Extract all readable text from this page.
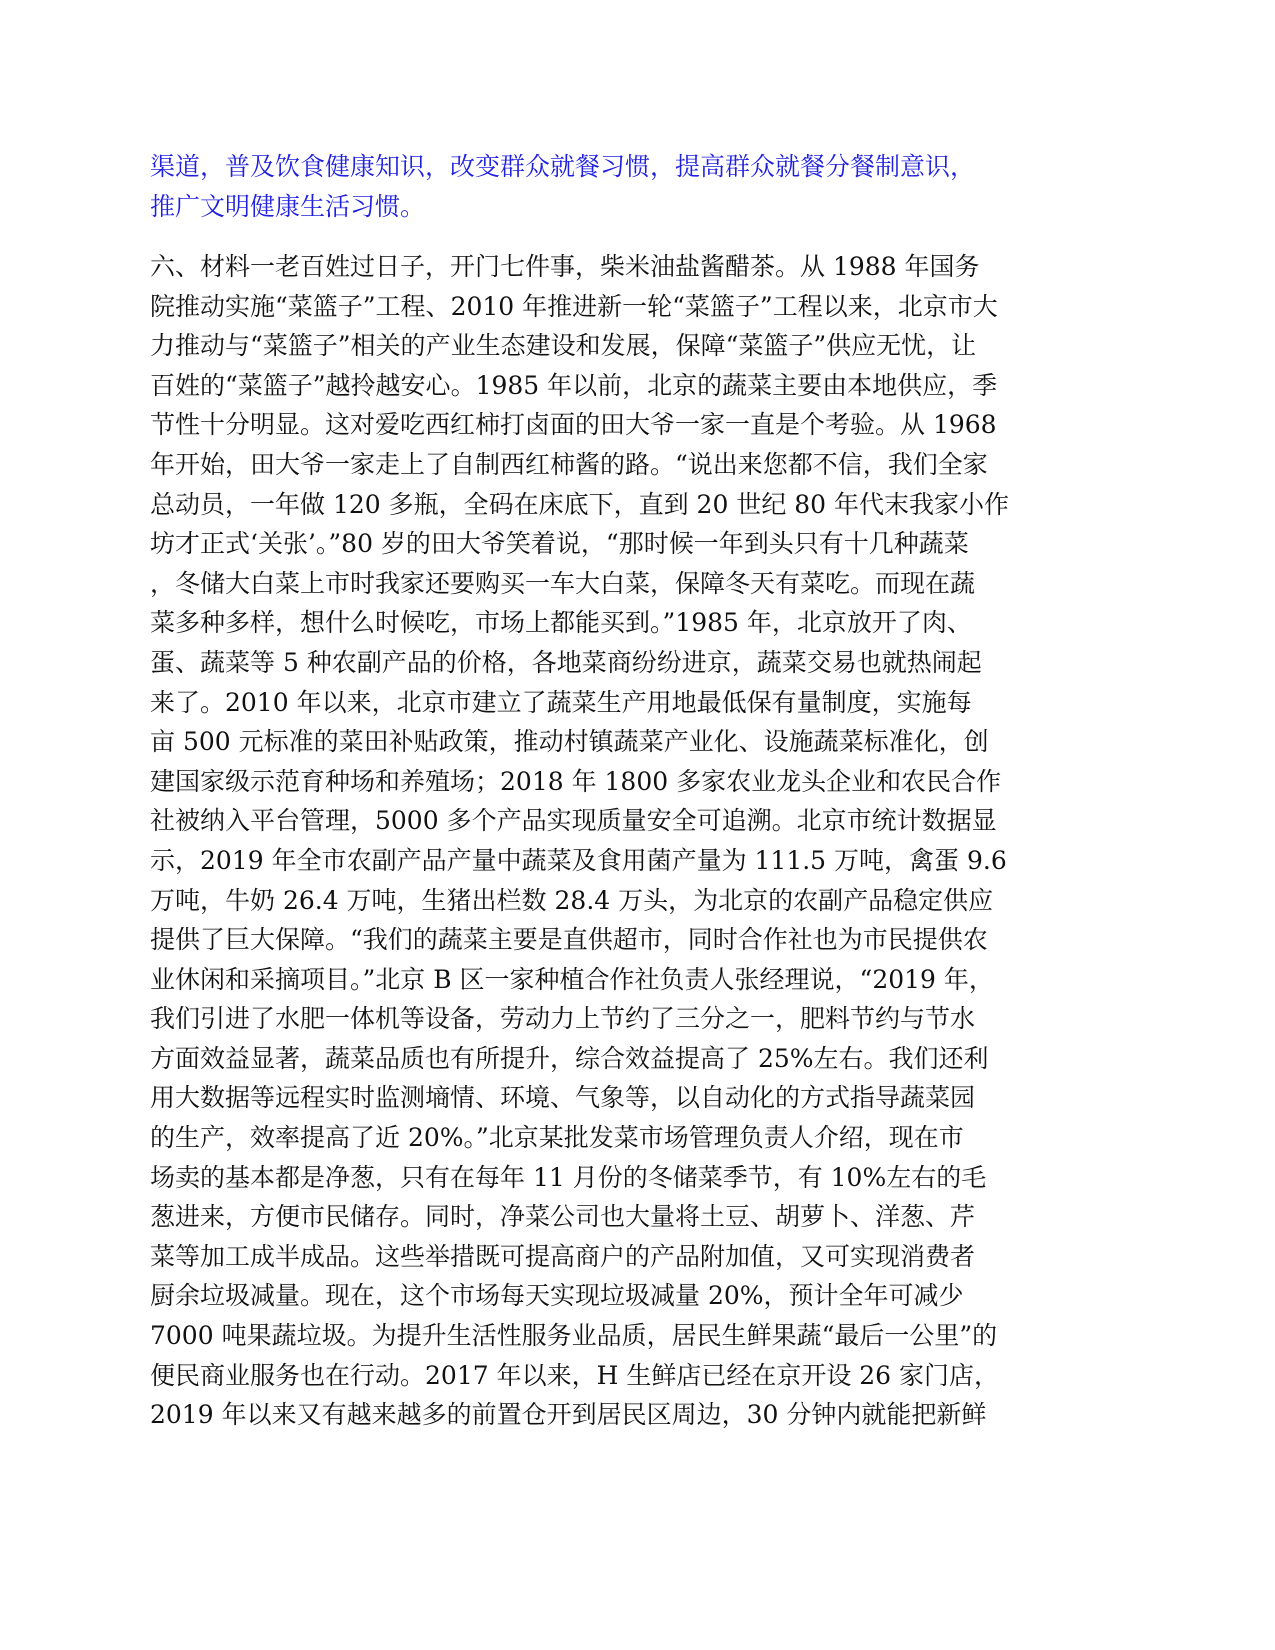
渠道，普及饮食健康知识，改变群众就餐习惯，提高群众就餐分餐制意识，
推广文明健康生活习惯。
六、材料一老百姓过日子，开门七件事，柴米油盐酱醋茶。从 1988 年国务
院推动实施“菜篮子”工程、2010 年推进新一轮“菜篮子”工程以来，北京市大
力推动与“菜篮子”相关的产业生态建设和发展，保障“菜篮子”供应无忧，让
百姓的“菜篮子”越拎越安心。1985 年以前，北京的蔬菜主要由本地供应，季
节性十分明显。这对爱吃西红柿打卤面的田大爷一家一直是个考验。从 1968
年开始，田大爷一家走上了自制西红柿酱的路。“说出来您都不信，我们全家
总动员，一年做 120 多瓶，全码在床底下，直到 20 世纪 80 年代末我家小作
坊才正式‘关张’。”80 岁的田大爷笑着说，“那时候一年到头只有十几种蔬菜
，冬储大白菜上市时我家还要购买一车大白菜，保障冬天有菜吃。而现在蔬
菜多种多样，想什么时候吃，市场上都能买到。”1985 年，北京放开了肉、
蛋、蔬菜等 5 种农副产品的价格，各地菜商纷纷进京，蔬菜交易也就热闹起
来了。2010 年以来，北京市建立了蔬菜生产用地最低保有量制度，实施每
亩 500 元标准的菜田补贴政策，推动村镇蔬菜产业化、设施蔬菜标准化，创
建国家级示范育种场和养殖场；2018 年 1800 多家农业龙头企业和农民合作
社被纳入平台管理，5000 多个产品实现质量安全可追溯。北京市统计数据显
示，2019 年全市农副产品产量中蔬菜及食用菌产量为 111.5 万吨，禽蛋 9.6
万吨，牛奶 26.4 万吨，生猪出栏数 28.4 万头，为北京的农副产品稳定供应
提供了巨大保障。“我们的蔬菜主要是直供超市，同时合作社也为市民提供农
业休闲和采摘项目。”北京 B 区一家种植合作社负责人张经理说，“2019 年，
我们引进了水肥一体机等设备，劳动力上节约了三分之一，肥料节约与节水
方面效益显著，蔬菜品质也有所提升，综合效益提高了 25%左右。我们还利
用大数据等远程实时监测墒情、环境、气象等，以自动化的方式指导蔬菜园
的生产，效率提高了近 20%。”北京某批发菜市场管理负责人介绍，现在市
场卖的基本都是净葱，只有在每年 11 月份的冬储菜季节，有 10%左右的毛
葱进来，方便市民储存。同时，净菜公司也大量将土豆、胡萝卜、洋葱、芹
菜等加工成半成品。这些举措既可提高商户的产品附加值，又可实现消费者
厨余垃圾减量。现在，这个市场每天实现垃圾减量 20%，预计全年可减少
7000 吨果蔬垃圾。为提升生活性服务业品质，居民生鲜果蔬“最后一公里”的
便民商业服务也在行动。2017 年以来，H 生鲜店已经在京开设 26 家门店，
2019 年以来又有越来越多的前置仓开到居民区周边，30 分钟内就能把新鲜
